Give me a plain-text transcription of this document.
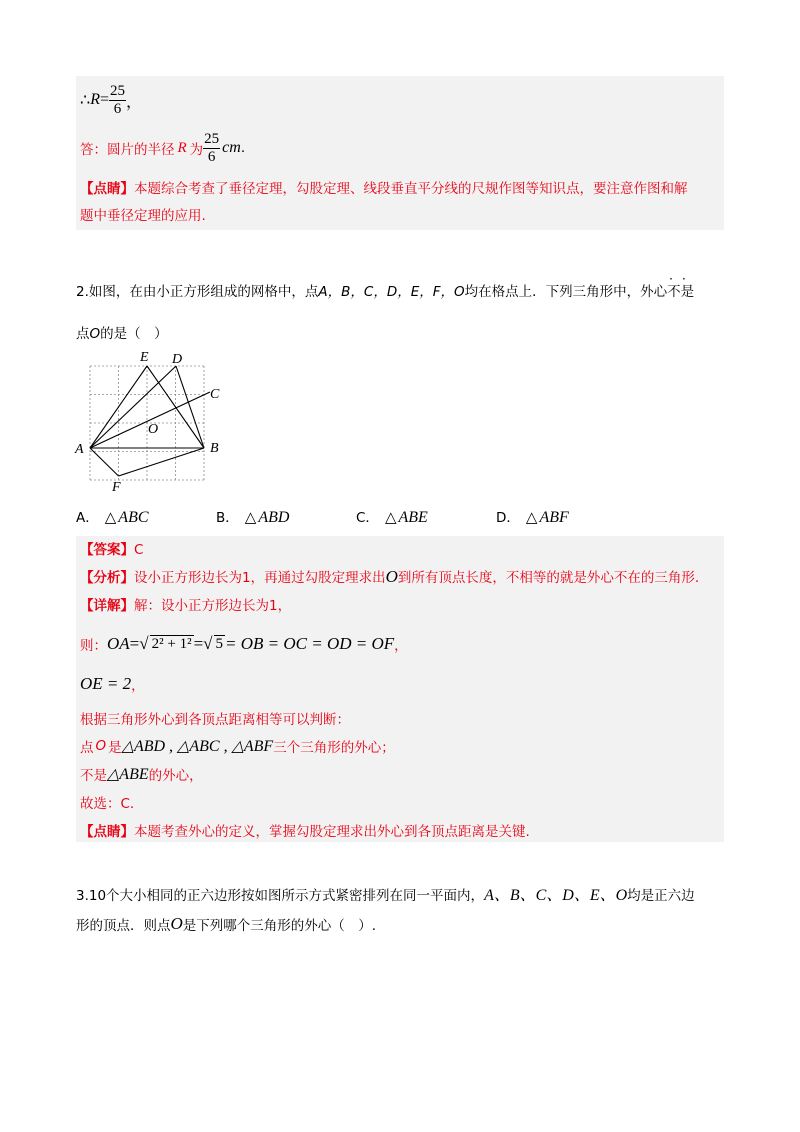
∴ $R = \frac{25}{6}$ ，
答：圆片的半径 R 为 $\frac{25}{6}$ cm .
【点睛】本题综合考查了垂径定理，勾股定理、线段垂直平分线的尺规作图等知识点，要注意作图和解
题中垂径定理的应用.
2.如图，在由小正方形组成的网格中，点A，B，C，D，E，F，O均在格点上．下列三角形中，外心不是
··
点O的是（　）
E D
C
O
A	B
F
A． △ ABC	B． △ ABD	C． △ ABE	D． △ ABF
【答案】C
【分析】设小正方形边长为1，再通过勾股定理求出O到所有顶点长度，不相等的就是外心不在的三角形.
【详解】解：设小正方形边长为1，
则： OA = √ 2² + 1² = √ 5 = OB = OC = OD = OF ，
OE = 2 ，
根据三角形外心到各顶点距离相等可以判断：
点 O 是 △ABD , △ABC , △ABF 三个三角形的外心；
不是 △ABE 的外心，
故选：C.
【点睛】本题考查外心的定义，掌握勾股定理求出外心到各顶点距离是关键.
3.10个大小相同的正六边形按如图所示方式紧密排列在同一平面内， A、B、C、D、E、O 均是正六边
形的顶点．则点 O 是下列哪个三角形的外心（　）.
